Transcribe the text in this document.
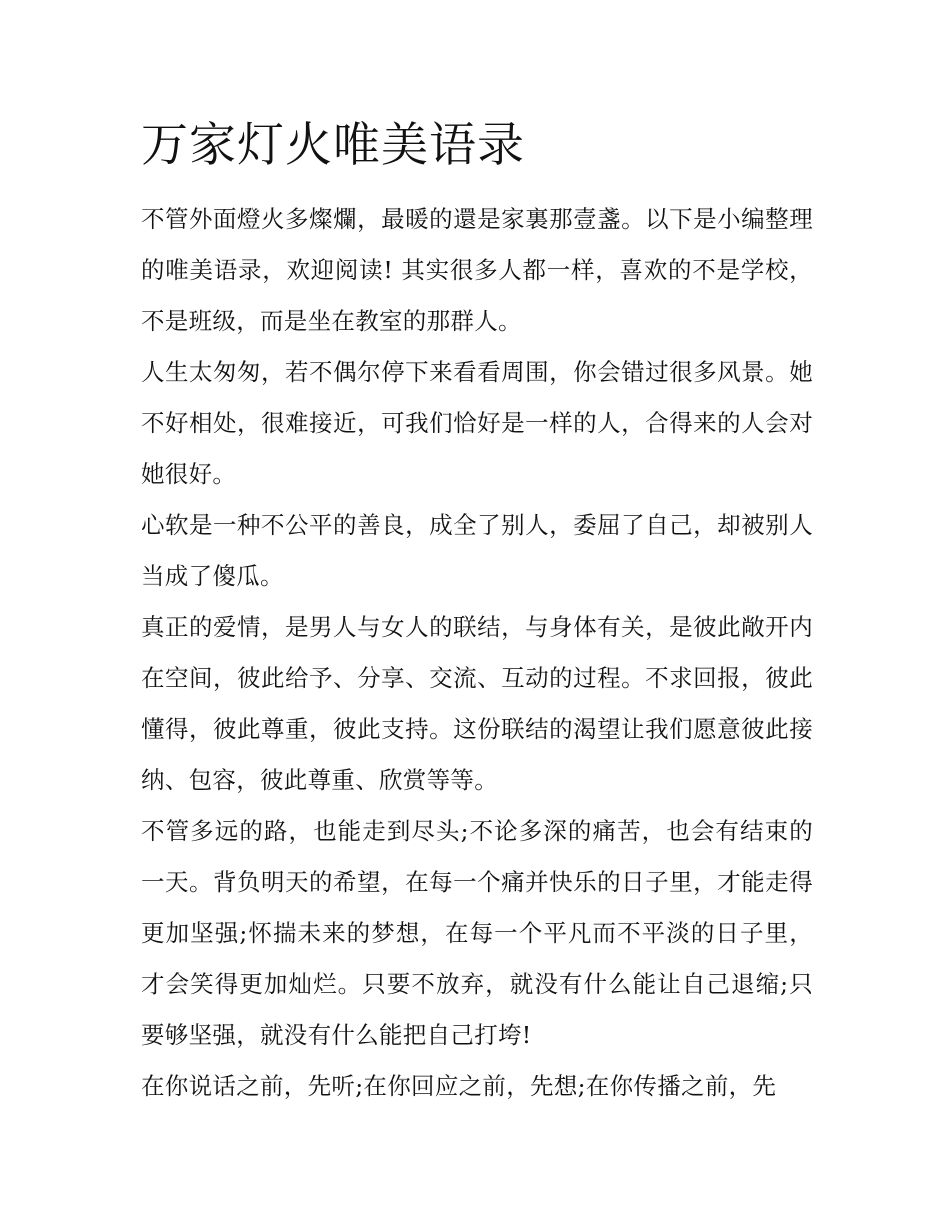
万家灯火唯美语录

不管外面燈火多燦爛，最暖的還是家裏那壹盞。以下是小编整理的唯美语录，欢迎阅读! 其实很多人都一样，喜欢的不是学校，不是班级，而是坐在教室的那群人。

人生太匆匆，若不偶尔停下来看看周围，你会错过很多风景。她不好相处，很难接近，可我们恰好是一样的人，合得来的人会对她很好。

心软是一种不公平的善良，成全了别人，委屈了自己，却被别人当成了傻瓜。

真正的爱情，是男人与女人的联结，与身体有关，是彼此敞开内在空间，彼此给予、分享、交流、互动的过程。不求回报，彼此懂得，彼此尊重，彼此支持。这份联结的渴望让我们愿意彼此接纳、包容，彼此尊重、欣赏等等。

不管多远的路，也能走到尽头;不论多深的痛苦，也会有结束的一天。背负明天的希望，在每一个痛并快乐的日子里，才能走得更加坚强;怀揣未来的梦想，在每一个平凡而不平淡的日子里，才会笑得更加灿烂。只要不放弃，就没有什么能让自己退缩;只要够坚强，就没有什么能把自己打垮!

在你说话之前，先听;在你回应之前，先想;在你传播之前，先
